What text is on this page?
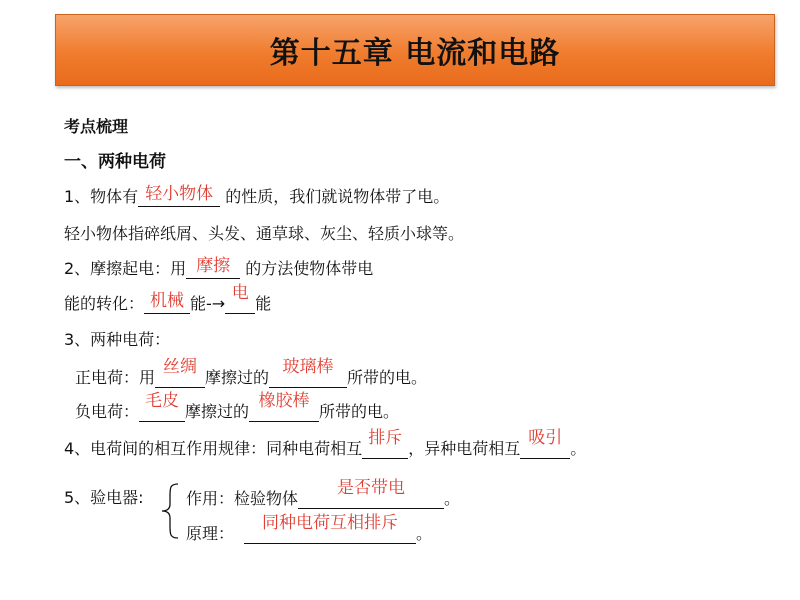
第十五章 电流和电路
考点梳理
一、两种电荷
1、物体有 轻小物体 的性质，我们就说物体带了电。
轻小物体指碎纸屑、头发、通草球、灰尘、轻质小球等。
2、摩擦起电：用 摩擦 的方法使物体带电
能的转化： 机械 能-→
电
能
3、两种电荷：
正电荷：用
丝绸
摩擦过的
玻璃棒
所带的电。
负电荷：
毛皮
摩擦过的
橡胶棒
所带的电。
4、电荷间的相互作用规律：同种电荷相互
排斥
，异种电荷相互
吸引
。
5、验电器:	作用：检验物体
是否带电
。
原理：
同种电荷互相排斥
。
